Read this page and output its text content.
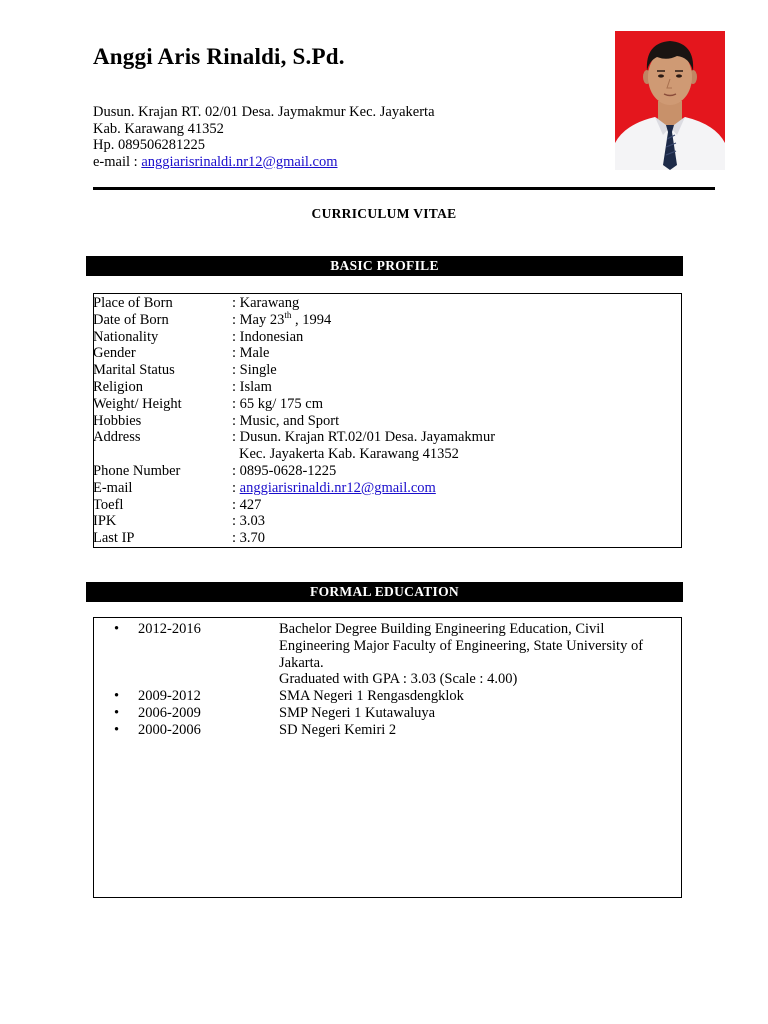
Anggi Aris Rinaldi, S.Pd.
Dusun. Krajan RT. 02/01 Desa. Jaymakmur Kec. Jayakerta
Kab. Karawang 41352
Hp. 089506281225
e-mail : anggiarisrinaldi.nr12@gmail.com
CURRICULUM VITAE
BASIC PROFILE
Place of Born	: Karawang
Date of Born	: May 23th , 1994
Nationality	: Indonesian
Gender	: Male
Marital Status	: Single
Religion	: Islam
Weight/ Height	: 65 kg/ 175 cm
Hobbies	: Music, and Sport
Address	: Dusun. Krajan RT.02/01 Desa. Jayamakmur
Kec. Jayakerta Kab. Karawang 41352

Phone Number	: 0895-0628-1225
E-mail	: anggiarisrinaldi.nr12@gmail.com
Toefl	: 427
IPK	: 3.03
Last IP	: 3.70
FORMAL EDUCATION
•	2012-2016	Bachelor Degree Building Engineering Education, Civil
Engineering Major Faculty of Engineering, State University of
Jakarta.
Graduated with GPA : 3.03 (Scale : 4.00)
•	2009-2012	SMA Negeri 1 Rengasdengklok
•	2006-2009	SMP Negeri 1 Kutawaluya
•	2000-2006	SD Negeri Kemiri 2
